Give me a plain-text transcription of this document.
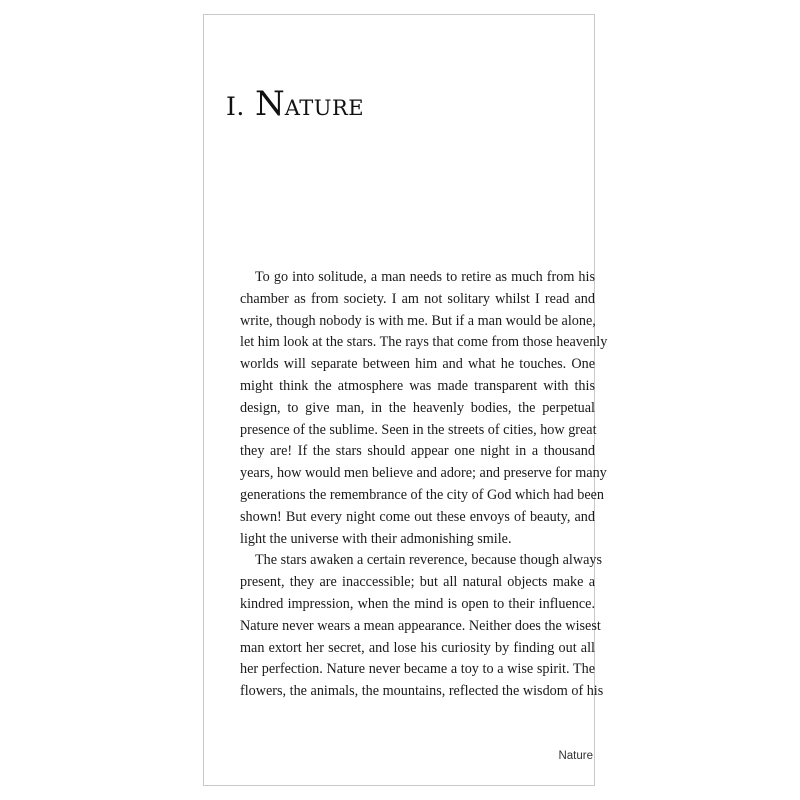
I. NATURE
To go into solitude, a man needs to retire as much from his
chamber as from society. I am not solitary whilst I read and
write, though nobody is with me. But if a man would be alone,
let him look at the stars. The rays that come from those heavenly
worlds will separate between him and what he touches. One
might think the atmosphere was made transparent with this
design, to give man, in the heavenly bodies, the perpetual
presence of the sublime. Seen in the streets of cities, how great
they are! If the stars should appear one night in a thousand
years, how would men believe and adore; and preserve for many
generations the remembrance of the city of God which had been
shown! But every night come out these envoys of beauty, and
light the universe with their admonishing smile.
The stars awaken a certain reverence, because though always
present, they are inaccessible; but all natural objects make a
kindred impression, when the mind is open to their influence.
Nature never wears a mean appearance. Neither does the wisest
man extort her secret, and lose his curiosity by finding out all
her perfection. Nature never became a toy to a wise spirit. The
flowers, the animals, the mountains, reflected the wisdom of his
Nature
